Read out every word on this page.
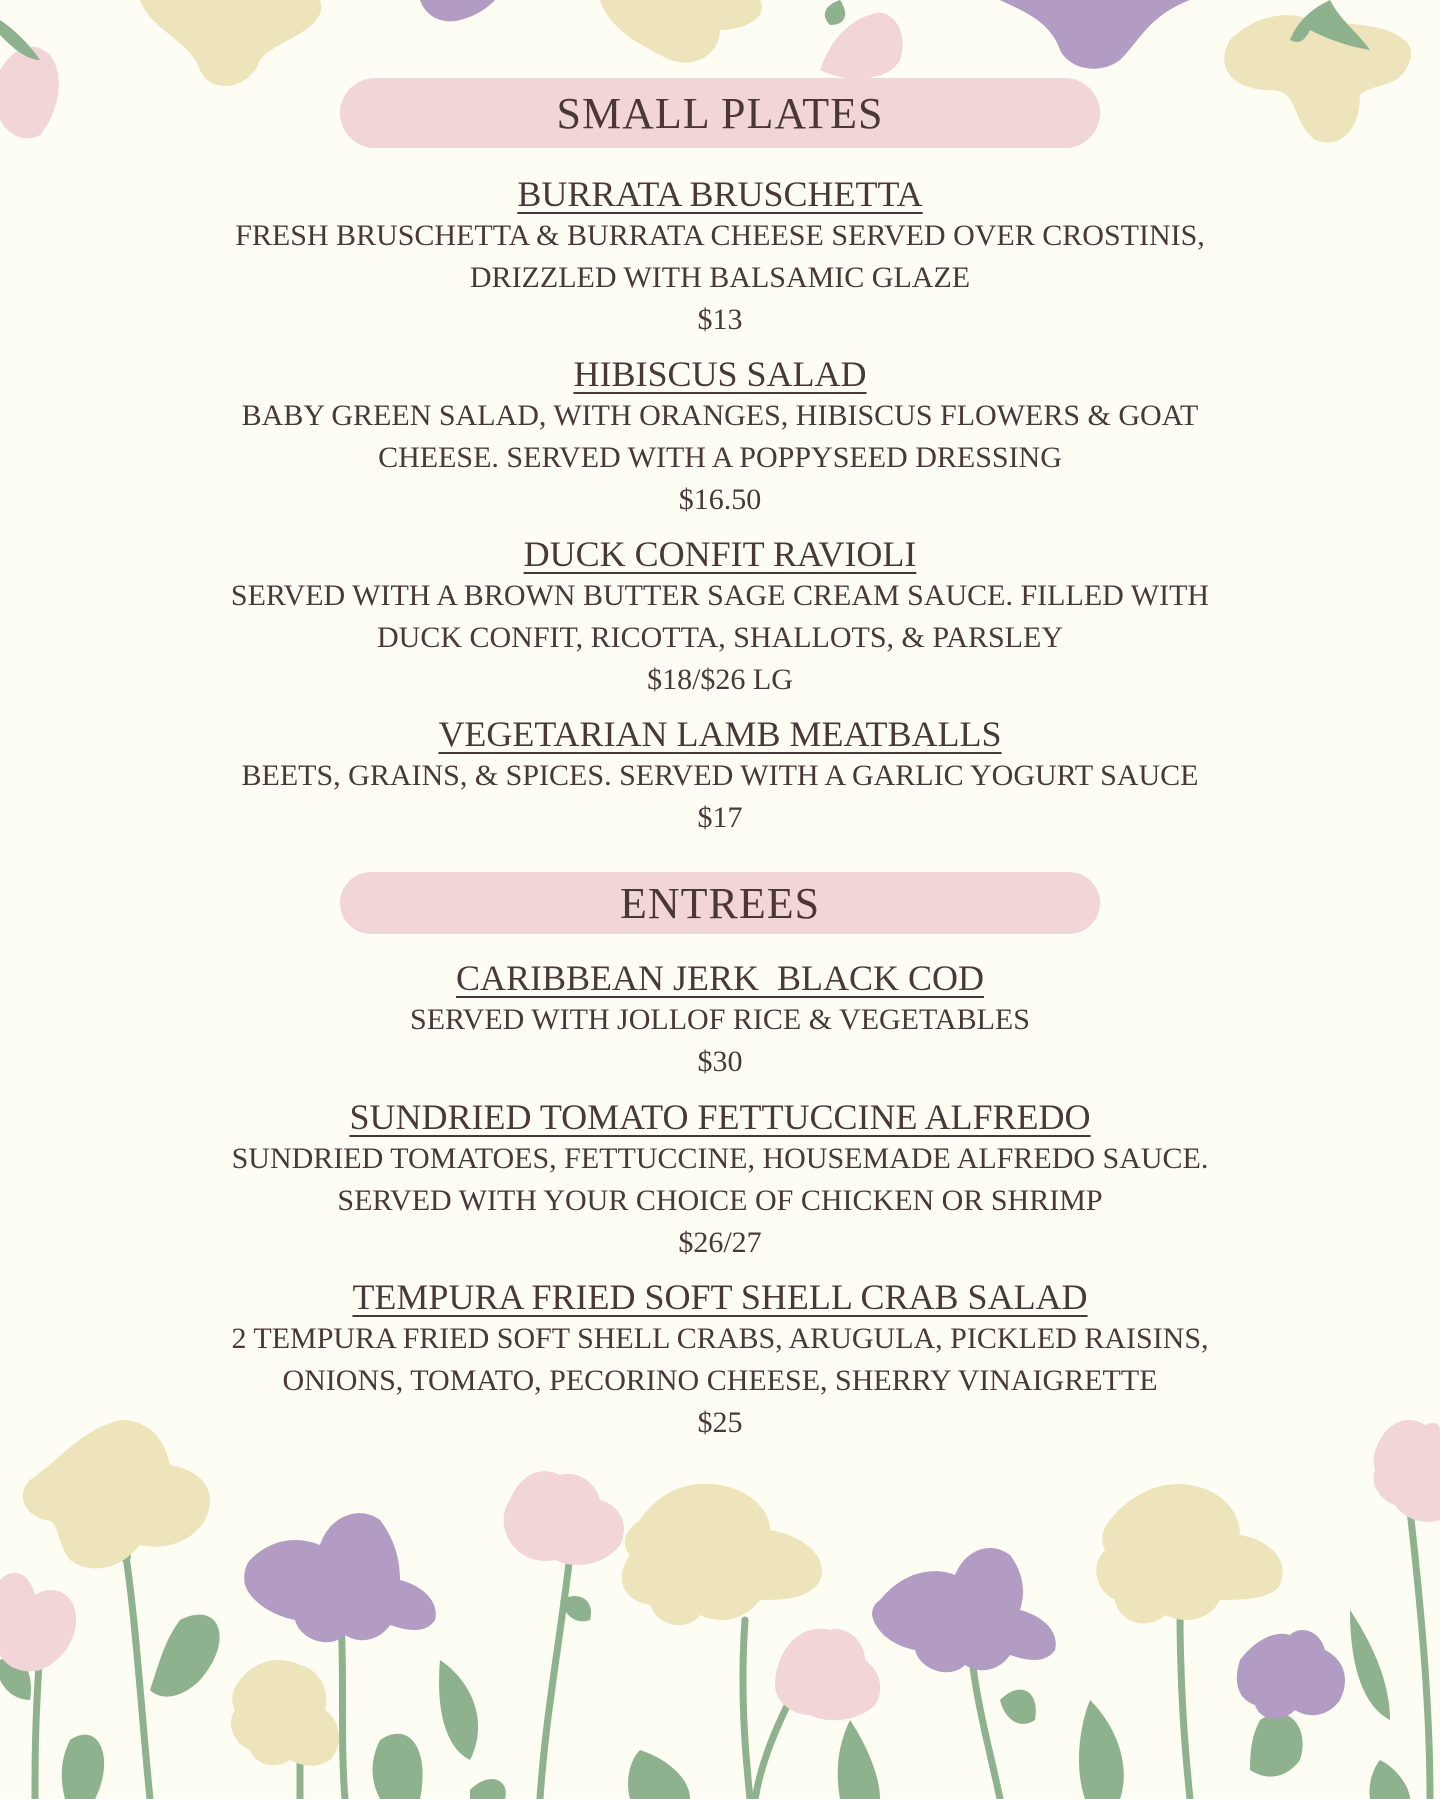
SMALL PLATES
BURRATA BRUSCHETTA
FRESH BRUSCHETTA & BURRATA CHEESE SERVED OVER CROSTINIS,
DRIZZLED WITH BALSAMIC GLAZE
$13
HIBISCUS SALAD
BABY GREEN SALAD, WITH ORANGES, HIBISCUS FLOWERS & GOAT
CHEESE. SERVED WITH A POPPYSEED DRESSING
$16.50
DUCK CONFIT RAVIOLI
SERVED WITH A BROWN BUTTER SAGE CREAM SAUCE. FILLED WITH
DUCK CONFIT, RICOTTA, SHALLOTS, & PARSLEY
$18/$26 LG
VEGETARIAN LAMB MEATBALLS
BEETS, GRAINS, & SPICES. SERVED WITH A GARLIC YOGURT SAUCE
$17
ENTREES
CARIBBEAN JERK  BLACK COD
SERVED WITH JOLLOF RICE & VEGETABLES
$30
SUNDRIED TOMATO FETTUCCINE ALFREDO
SUNDRIED TOMATOES, FETTUCCINE, HOUSEMADE ALFREDO SAUCE.
SERVED WITH YOUR CHOICE OF CHICKEN OR SHRIMP
$26/27
TEMPURA FRIED SOFT SHELL CRAB SALAD
2 TEMPURA FRIED SOFT SHELL CRABS, ARUGULA, PICKLED RAISINS,
ONIONS, TOMATO, PECORINO CHEESE, SHERRY VINAIGRETTE
$25
